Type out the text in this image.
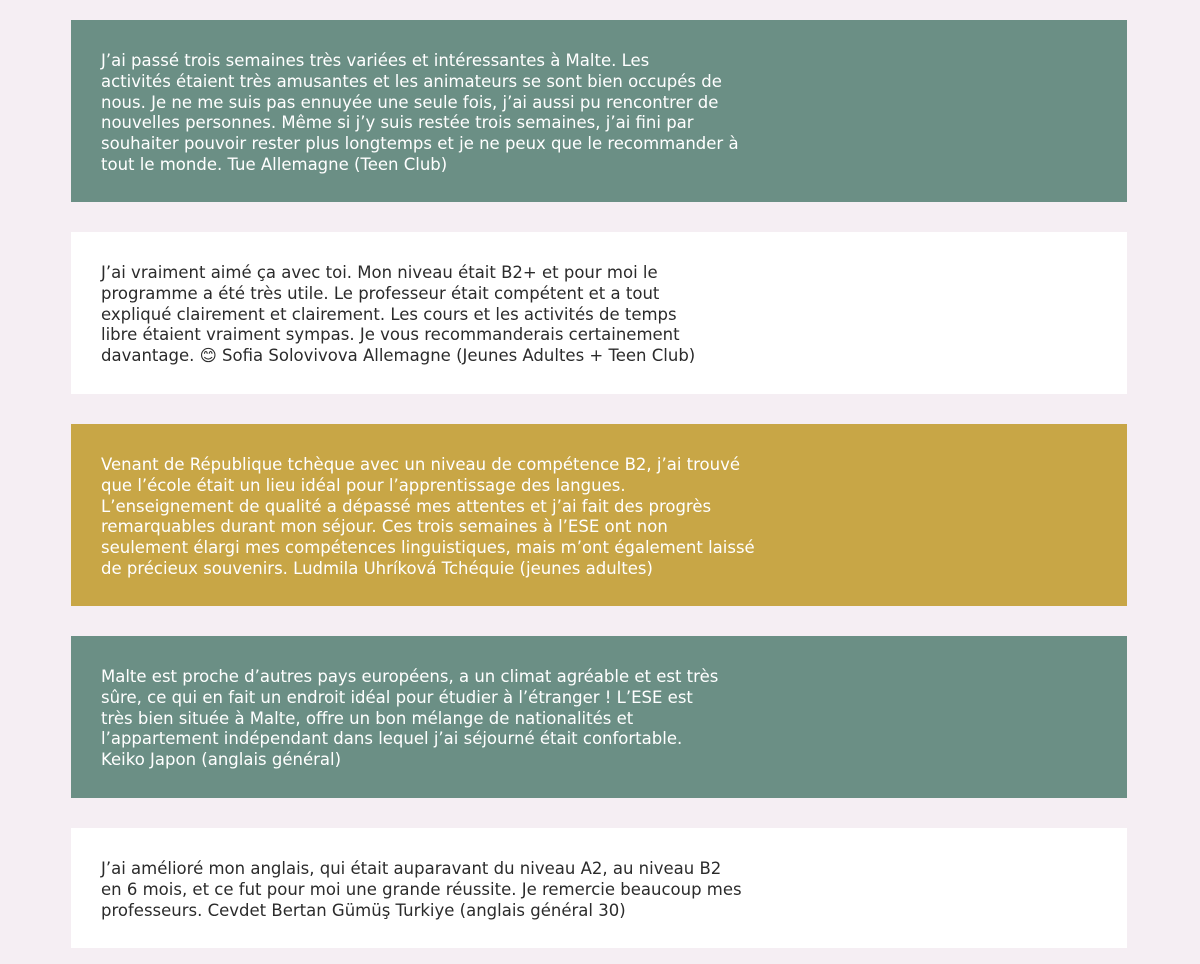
J’ai passé trois semaines très variées et intéressantes à Malte. Les
activités étaient très amusantes et les animateurs se sont bien occupés de
nous. Je ne me suis pas ennuyée une seule fois, j’ai aussi pu rencontrer de
nouvelles personnes. Même si j’y suis restée trois semaines, j’ai fini par
souhaiter pouvoir rester plus longtemps et je ne peux que le recommander à
tout le monde. Tue Allemagne (Teen Club)

J’ai vraiment aimé ça avec toi. Mon niveau était B2+ et pour moi le
programme a été très utile. Le professeur était compétent et a tout
expliqué clairement et clairement. Les cours et les activités de temps
libre étaient vraiment sympas. Je vous recommanderais certainement
davantage. 😊 Sofia Solovivova Allemagne (Jeunes Adultes + Teen Club)

Venant de République tchèque avec un niveau de compétence B2, j’ai trouvé
que l’école était un lieu idéal pour l’apprentissage des langues.
L’enseignement de qualité a dépassé mes attentes et j’ai fait des progrès
remarquables durant mon séjour. Ces trois semaines à l’ESE ont non
seulement élargi mes compétences linguistiques, mais m’ont également laissé
de précieux souvenirs. Ludmila Uhríková Tchéquie (jeunes adultes)

Malte est proche d’autres pays européens, a un climat agréable et est très
sûre, ce qui en fait un endroit idéal pour étudier à l’étranger ! L’ESE est
très bien située à Malte, offre un bon mélange de nationalités et
l’appartement indépendant dans lequel j’ai séjourné était confortable.
Keiko Japon (anglais général)

J’ai amélioré mon anglais, qui était auparavant du niveau A2, au niveau B2
en 6 mois, et ce fut pour moi une grande réussite. Je remercie beaucoup mes
professeurs. Cevdet Bertan Gümüş Turkiye (anglais général 30)
